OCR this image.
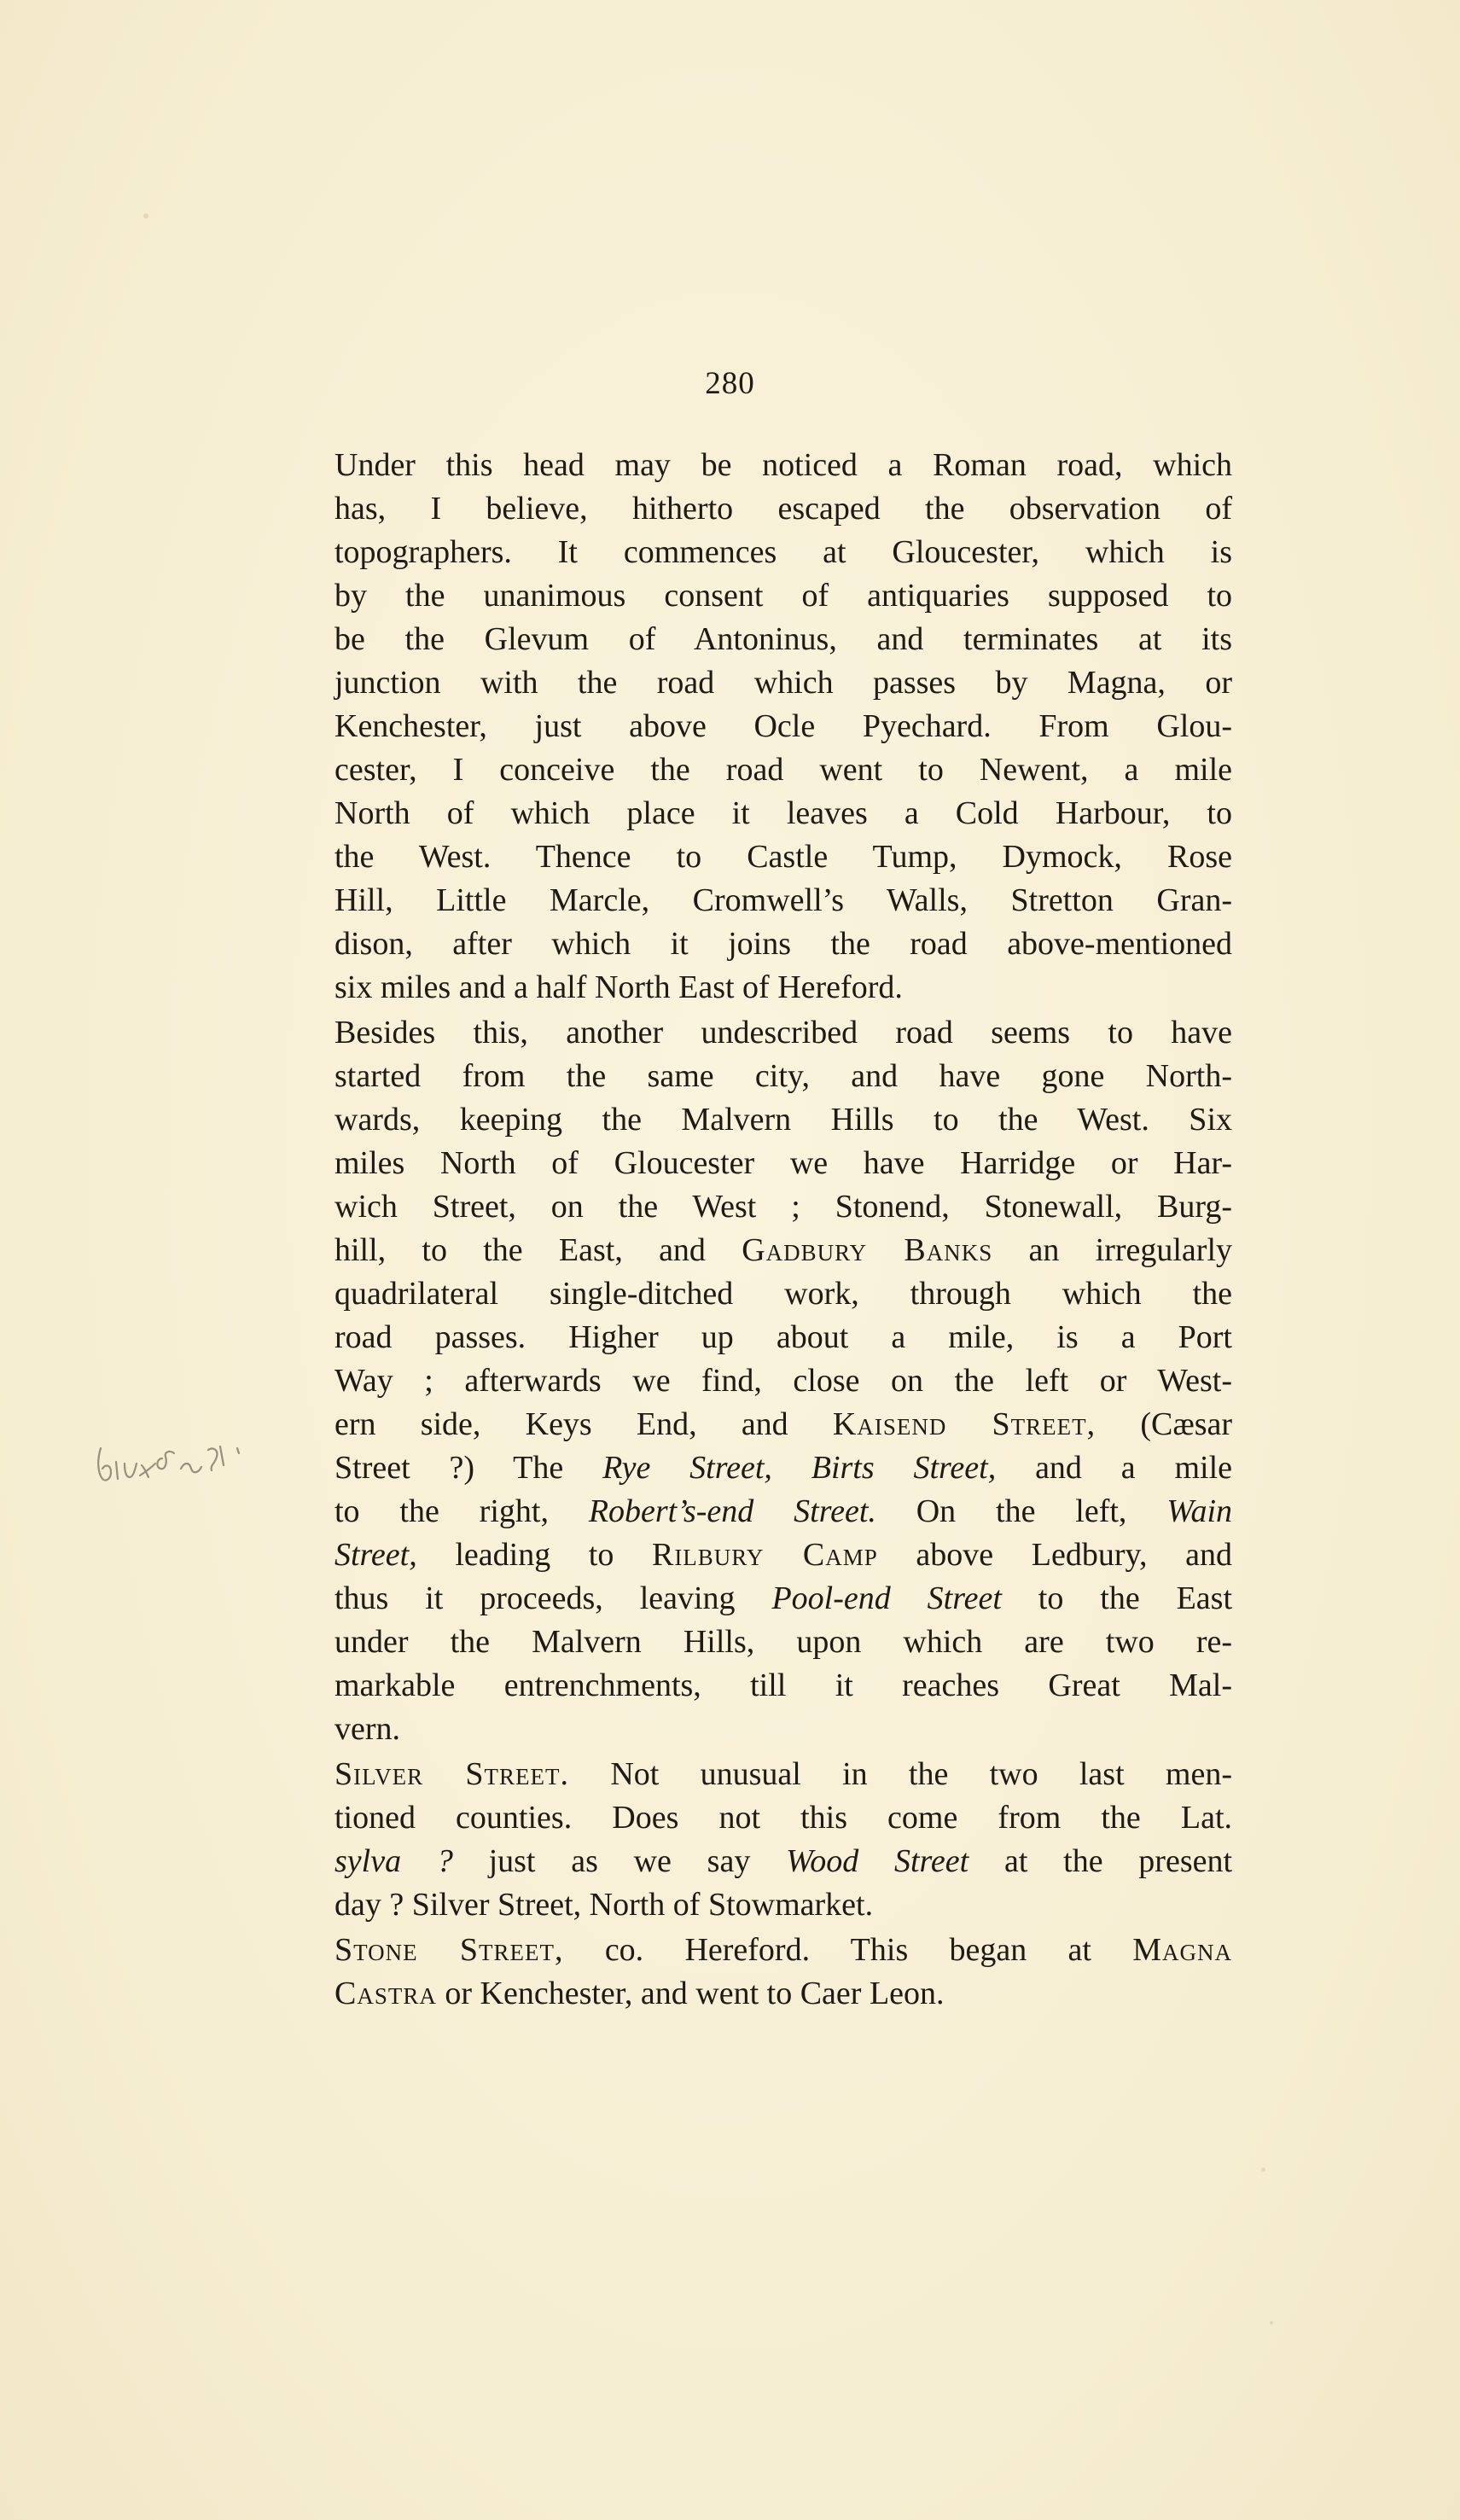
280

Under this head may be noticed a Roman road, which
has, I believe, hitherto escaped the observation of
topographers. It commences at Gloucester, which is
by the unanimous consent of antiquaries supposed to
be the Glevum of Antoninus, and terminates at its
junction with the road which passes by Magna, or
Kenchester, just above Ocle Pyechard. From Glou-
cester, I conceive the road went to Newent, a mile
North of which place it leaves a Cold Harbour, to
the West. Thence to Castle Tump, Dymock, Rose
Hill, Little Marcle, Cromwell’s Walls, Stretton Gran-
dison, after which it joins the road above-mentioned
six miles and a half North East of Hereford.

Besides this, another undescribed road seems to have
started from the same city, and have gone North-
wards, keeping the Malvern Hills to the West. Six
miles North of Gloucester we have Harridge or Har-
wich Street, on the West ; Stonend, Stonewall, Burg-
hill, to the East, and Gadbury Banks an irregularly
quadrilateral single-ditched work, through which the
road passes. Higher up about a mile, is a Port
Way ; afterwards we find, close on the left or West-
ern side, Keys End, and Kaisend Street, (Cæsar
Street ?) The Rye Street, Birts Street, and a mile
to the right, Robert’s-end Street. On the left, Wain
Street, leading to Rilbury Camp above Ledbury, and
thus it proceeds, leaving Pool-end Street to the East
under the Malvern Hills, upon which are two re-
markable entrenchments, till it reaches Great Mal-
vern.

Silver Street. Not unusual in the two last men-
tioned counties. Does not this come from the Lat.
sylva ? just as we say Wood Street at the present
day ? Silver Street, North of Stowmarket.

Stone Street, co. Hereford. This began at Magna
Castra or Kenchester, and went to Caer Leon.
